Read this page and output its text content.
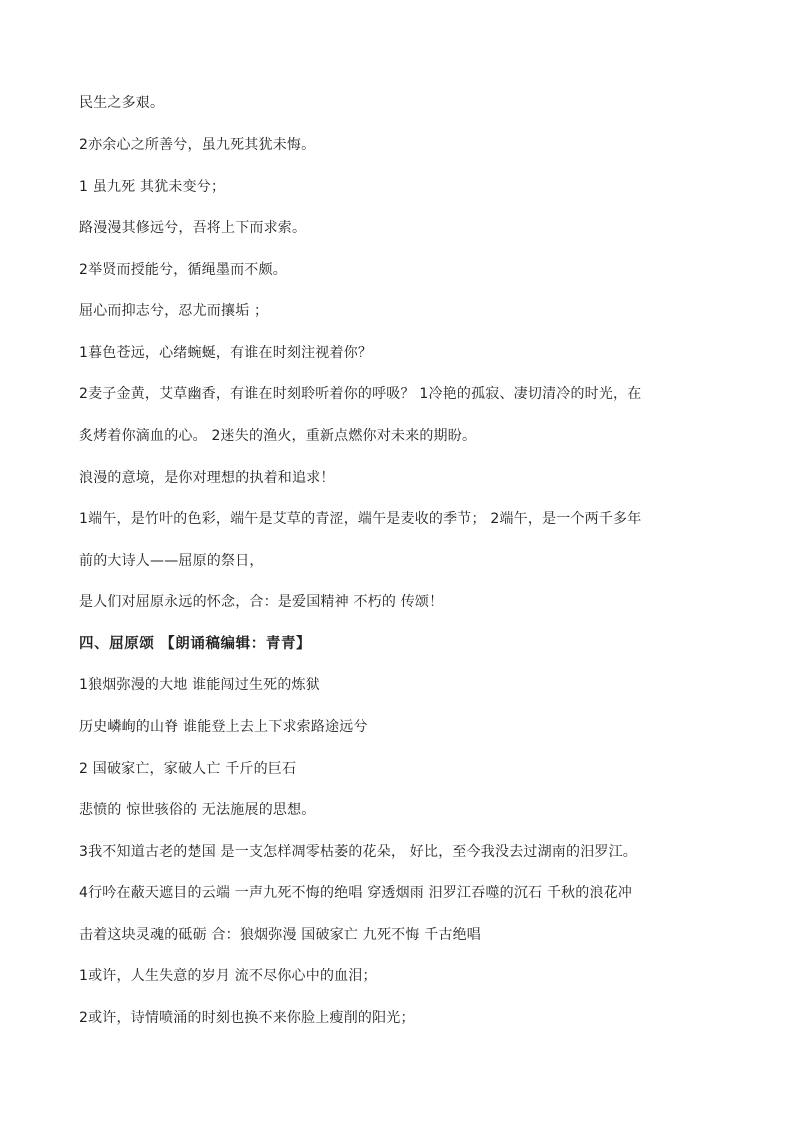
民生之多艰。
2亦余心之所善兮，虽九死其犹未悔。
1 虽九死 其犹未变兮；
路漫漫其修远兮，吾将上下而求索。
2举贤而授能兮，循绳墨而不颇。
屈心而抑志兮，忍尤而攘垢 ；
1暮色苍远，心绪蜿蜒，有谁在时刻注视着你？
2麦子金黄，艾草幽香，有谁在时刻聆听着你的呼吸？ 1冷艳的孤寂、凄切清冷的时光，在
炙烤着你滴血的心。 2迷失的渔火，重新点燃你对未来的期盼。
浪漫的意境，是你对理想的执着和追求！
1端午，是竹叶的色彩，端午是艾草的青涩，端午是麦收的季节； 2端午，是一个两千多年
前的大诗人——屈原的祭日，
是人们对屈原永远的怀念，合：是爱国精神 不朽的 传颂！
四、屈原颂 【朗诵稿编辑：青青】
1狼烟弥漫的大地 谁能闯过生死的炼狱
历史嶙峋的山脊 谁能登上去上下求索路途远兮
2 国破家亡，家破人亡 千斤的巨石
悲愤的 惊世骇俗的 无法施展的思想。
3我不知道古老的楚国 是一支怎样凋零枯萎的花朵， 好比，至今我没去过湖南的汨罗江。
4行吟在蔽天遮目的云端 一声九死不悔的绝唱 穿透烟雨 汨罗江吞噬的沉石 千秋的浪花冲
击着这块灵魂的砥砺 合：狼烟弥漫 国破家亡 九死不悔 千古绝唱
1或许，人生失意的岁月 流不尽你心中的血泪；
2或许，诗情喷涌的时刻也换不来你脸上瘦削的阳光；
